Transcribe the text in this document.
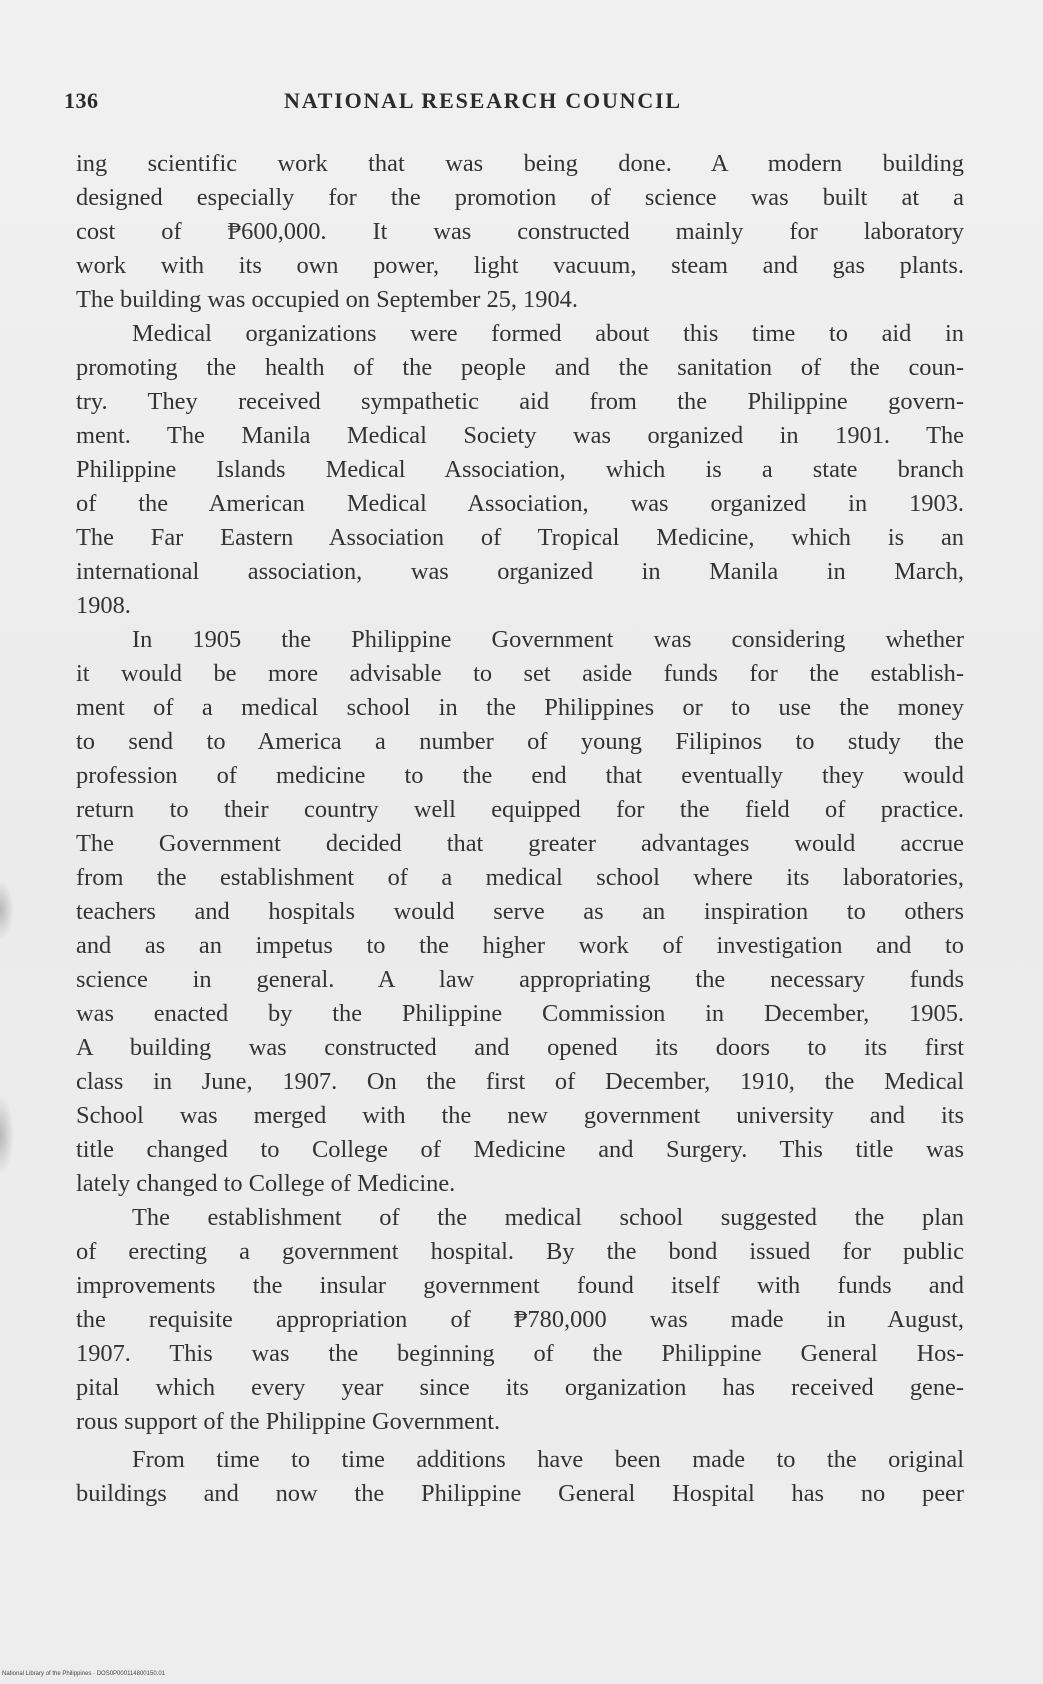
136	NATIONAL RESEARCH COUNCIL
ing scientific work that was being done. A modern building
designed especially for the promotion of science was built at a
cost of ₱600,000. It was constructed mainly for laboratory
work with its own power, light vacuum, steam and gas plants.
The building was occupied on September 25, 1904.
Medical organizations were formed about this time to aid in
promoting the health of the people and the sanitation of the coun-
try. They received sympathetic aid from the Philippine govern-
ment. The Manila Medical Society was organized in 1901. The
Philippine Islands Medical Association, which is a state branch
of the American Medical Association, was organized in 1903.
The Far Eastern Association of Tropical Medicine, which is an
international association, was organized in Manila in March,
1908.
In 1905 the Philippine Government was considering whether
it would be more advisable to set aside funds for the establish-
ment of a medical school in the Philippines or to use the money
to send to America a number of young Filipinos to study the
profession of medicine to the end that eventually they would
return to their country well equipped for the field of practice.
The Government decided that greater advantages would accrue
from the establishment of a medical school where its laboratories,
teachers and hospitals would serve as an inspiration to others
and as an impetus to the higher work of investigation and to
science in general. A law appropriating the necessary funds
was enacted by the Philippine Commission in December, 1905.
A building was constructed and opened its doors to its first
class in June, 1907. On the first of December, 1910, the Medical
School was merged with the new government university and its
title changed to College of Medicine and Surgery. This title was
lately changed to College of Medicine.
The establishment of the medical school suggested the plan
of erecting a government hospital. By the bond issued for public
improvements the insular government found itself with funds and
the requisite appropriation of ₱780,000 was made in August,
1907. This was the beginning of the Philippine General Hos-
pital which every year since its organization has received gene-
rous support of the Philippine Government.
From time to time additions have been made to the original
buildings and now the Philippine General Hospital has no peer
National Library of the Philippines · DOS0P000114800150.01
